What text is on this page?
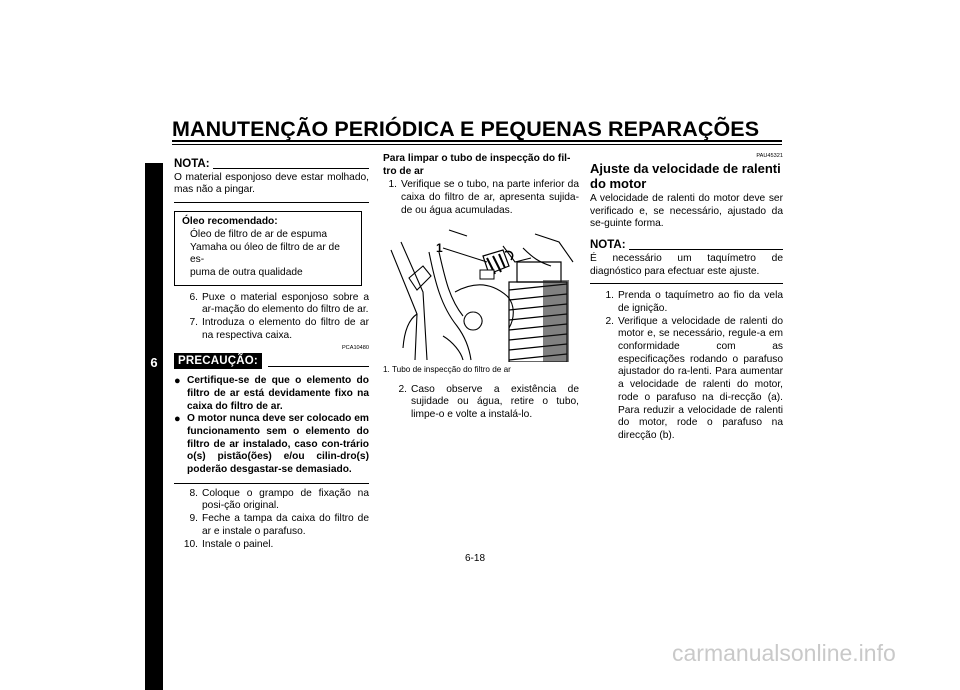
MANUTENÇÃO PERIÓDICA E PEQUENAS REPARAÇÕES
6
NOTA:

O material esponjoso deve estar molhado, mas não a pingar.

Óleo recomendado:
Óleo de filtro de ar de espuma
Yamaha ou óleo de filtro de ar de es-
puma de outra qualidade
6. Puxe o material esponjoso sobre a ar-mação do elemento do filtro de ar.
7. Introduza o elemento do filtro de ar na respectiva caixa.
PCA10480
PRECAUÇÃO:
● Certifique-se de que o elemento do filtro de ar está devidamente fixo na caixa do filtro de ar.
● O motor nunca deve ser colocado em funcionamento sem o elemento do filtro de ar instalado, caso con-trário o(s) pistão(ões) e/ou cilin-dro(s) poderão desgastar-se demasiado.
8. Coloque o grampo de fixação na posi-ção original.
9. Feche a tampa da caixa do filtro de ar e instale o parafuso.
10. Instale o painel.
Para limpar o tubo de inspecção do fil-tro de ar
1. Verifique se o tubo, na parte inferior da caixa do filtro de ar, apresenta sujida-de ou água acumuladas.
1
1. Tubo de inspecção do filtro de ar
2. Caso observe a existência de sujidade ou água, retire o tubo, limpe-o e volte a instalá-lo.
PAU45321
Ajuste da velocidade de ralenti do motor

A velocidade de ralenti do motor deve ser verificado e, se necessário, ajustado da se-guinte forma.

NOTA:

É necessário um taquímetro de diagnóstico para efectuar este ajuste.

1. Prenda o taquímetro ao fio da vela de ignição.
2. Verifique a velocidade de ralenti do motor e, se necessário, regule-a em conformidade com as especificações rodando o parafuso ajustador do ra-lenti. Para aumentar a velocidade de ralenti do motor, rode o parafuso na di-recção (a). Para reduzir a velocidade de ralenti do motor, rode o parafuso na direcção (b).
6-18
carmanualsonline.info
